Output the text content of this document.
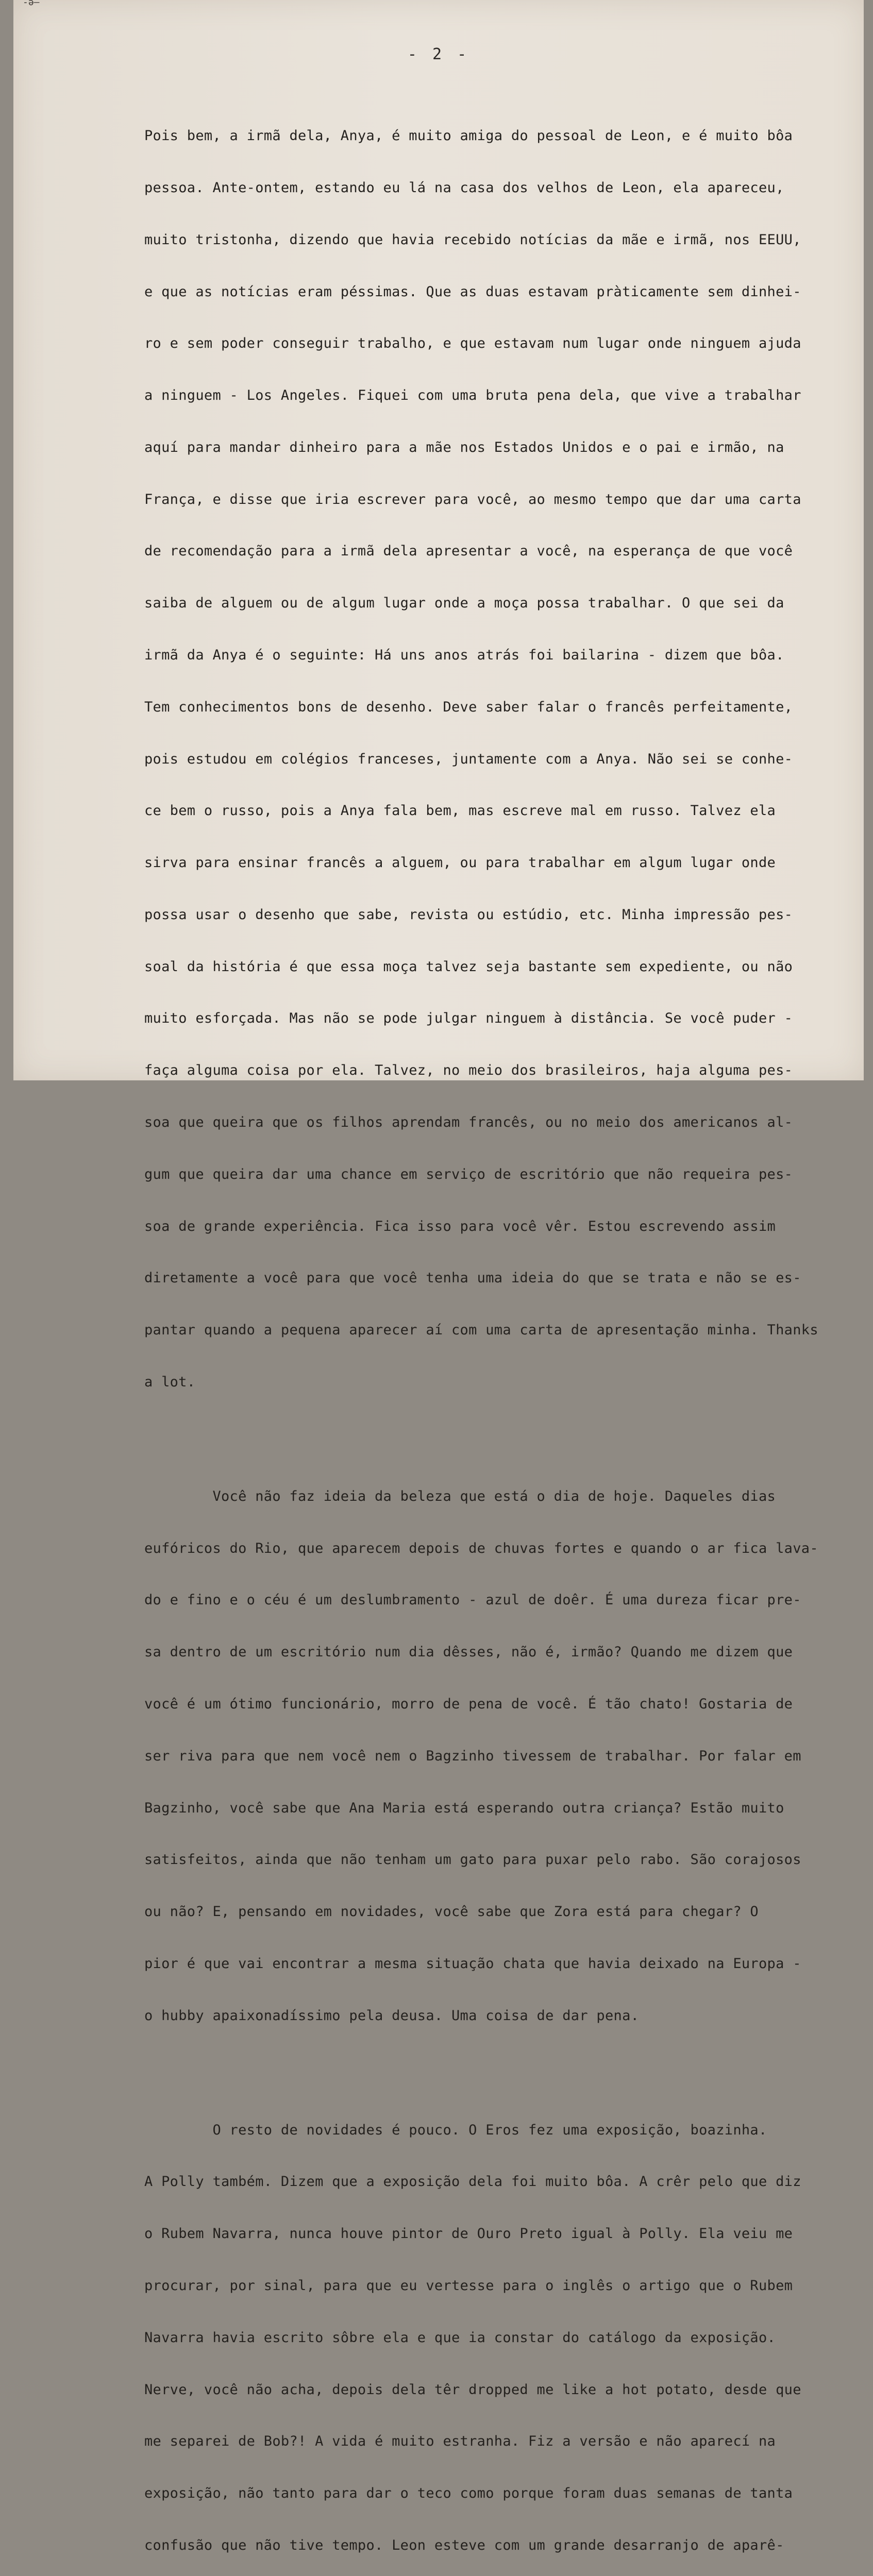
-ə—
- 2 -

Pois bem, a irmã dela, Anya, é muito amiga do pessoal de Leon, e é muito bôa

pessoa. Ante-ontem, estando eu lá na casa dos velhos de Leon, ela apareceu,

muito tristonha, dizendo que havia recebido notícias da mãe e irmã, nos EEUU,

e que as notícias eram péssimas. Que as duas estavam pràticamente sem dinhei-

ro e sem poder conseguir trabalho, e que estavam num lugar onde ninguem ajuda

a ninguem - Los Angeles. Fiquei com uma bruta pena dela, que vive a trabalhar

aquí para mandar dinheiro para a mãe nos Estados Unidos e o pai e irmão, na

França, e disse que iria escrever para você, ao mesmo tempo que dar uma carta

de recomendação para a irmã dela apresentar a você, na esperança de que você

saiba de alguem ou de algum lugar onde a moça possa trabalhar. O que sei da

irmã da Anya é o seguinte: Há uns anos atrás foi bailarina - dizem que bôa.

Tem conhecimentos bons de desenho. Deve saber falar o francês perfeitamente,

pois estudou em colégios franceses, juntamente com a Anya. Não sei se conhe-

ce bem o russo, pois a Anya fala bem, mas escreve mal em russo. Talvez ela

sirva para ensinar francês a alguem, ou para trabalhar em algum lugar onde

possa usar o desenho que sabe, revista ou estúdio, etc. Minha impressão pes-

soal da história é que essa moça talvez seja bastante sem expediente, ou não

muito esforçada. Mas não se pode julgar ninguem à distância. Se você puder -

faça alguma coisa por ela. Talvez, no meio dos brasileiros, haja alguma pes-

soa que queira que os filhos aprendam francês, ou no meio dos americanos al-

gum que queira dar uma chance em serviço de escritório que não requeira pes-

soa de grande experiência. Fica isso para você vêr. Estou escrevendo assim

diretamente a você para que você tenha uma ideia do que se trata e não se es-

pantar quando a pequena aparecer aí com uma carta de apresentação minha. Thanks

a lot.

Você não faz ideia da beleza que está o dia de hoje. Daqueles dias

eufóricos do Rio, que aparecem depois de chuvas fortes e quando o ar fica lava-

do e fino e o céu é um deslumbramento - azul de doêr. É uma dureza ficar pre-

sa dentro de um escritório num dia dêsses, não é, irmão? Quando me dizem que

você é um ótimo funcionário, morro de pena de você. É tão chato! Gostaria de

ser riva para que nem você nem o Bagzinho tivessem de trabalhar. Por falar em

Bagzinho, você sabe que Ana Maria está esperando outra criança? Estão muito

satisfeitos, ainda que não tenham um gato para puxar pelo rabo. São corajosos

ou não? E, pensando em novidades, você sabe que Zora está para chegar? O

pior é que vai encontrar a mesma situação chata que havia deixado na Europa -

o hubby apaixonadíssimo pela deusa. Uma coisa de dar pena.

O resto de novidades é pouco. O Eros fez uma exposição, boazinha.

A Polly também. Dizem que a exposição dela foi muito bôa. A crêr pelo que diz

o Rubem Navarra, nunca houve pintor de Ouro Preto igual à Polly. Ela veiu me

procurar, por sinal, para que eu vertesse para o inglês o artigo que o Rubem

Navarra havia escrito sôbre ela e que ia constar do catálogo da exposição.

Nerve, você não acha, depois dela têr dropped me like a hot potato, desde que

me separei de Bob?! A vida é muito estranha. Fiz a versão e não aparecí na

exposição, não tanto para dar o teco como porque foram duas semanas de tanta

confusão que não tive tempo. Leon esteve com um grande desarranjo de aparê-
